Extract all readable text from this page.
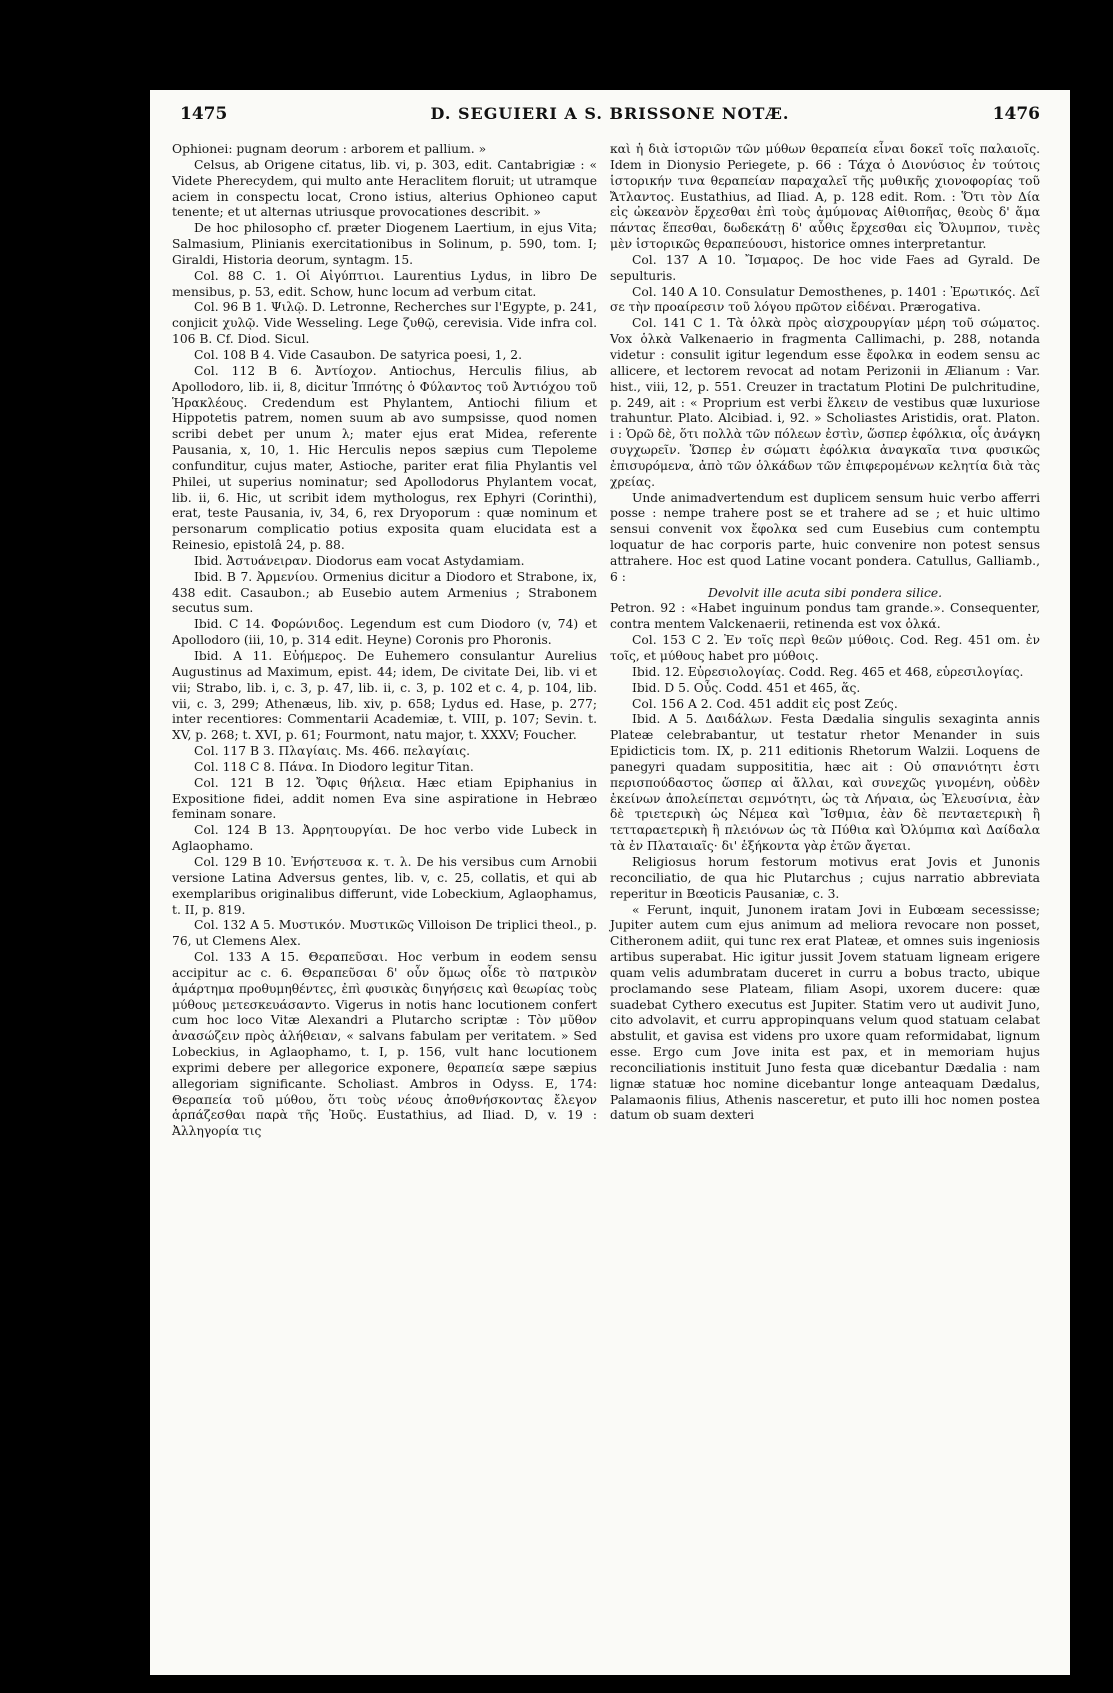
1475	D. SEGUIERI A S. BRISSONE NOTÆ.	1476

Ophionei: pugnam deorum : arborem et pallium. »

Celsus, ab Origene citatus, lib. vi, p. 303, edit. Cantabrigiæ : « Videte Pherecydem, qui multo ante Heraclitem floruit; ut utramque aciem in conspectu locat, Crono istius, alterius Ophioneo caput tenente; et ut alternas utriusque provocationes describit. »

De hoc philosopho cf. præter Diogenem Laertium, in ejus Vita; Salmasium, Plinianis exercitationibus in Solinum, p. 590, tom. I; Giraldi, Historia deorum, syntagm. 15.

Col. 88 C. 1. Οἱ Αἰγύπτιοι. Laurentius Lydus, in libro De mensibus, p. 53, edit. Schow, hunc locum ad verbum citat.

Col. 96 B 1. Ψιλῷ. D. Letronne, Recherches sur l'Egypte, p. 241, conjicit χυλῷ. Vide Wesseling. Lege ζυθῷ, cerevisia. Vide infra col. 106 B. Cf. Diod. Sicul.

Col. 108 B 4. Vide Casaubon. De satyrica poesi, 1, 2.

Col. 112 B 6. Ἀντίοχον. Antiochus, Herculis filius, ab Apollodoro, lib. ii, 8, dicitur Ἱππότης ὁ Φύλαντος τοῦ Ἀντιόχου τοῦ Ἡρακλέους. Credendum est Phylantem, Antiochi filium et Hippotetis patrem, nomen suum ab avo sumpsisse, quod nomen scribi debet per unum λ; mater ejus erat Midea, referente Pausania, x, 10, 1. Hic Herculis nepos sæpius cum Tlepoleme confunditur, cujus mater, Astioche, pariter erat filia Phylantis vel Philei, ut superius nominatur; sed Apollodorus Phylantem vocat, lib. ii, 6. Hic, ut scribit idem mythologus, rex Ephyri (Corinthi), erat, teste Pausania, iv, 34, 6, rex Dryoporum : quæ nominum et personarum complicatio potius exposita quam elucidata est a Reinesio, epistolâ 24, p. 88.

Ibid. Ἀστυάνειραν. Diodorus eam vocat Astydamiam.

Ibid. B 7. Ἀρμενίου. Ormenius dicitur a Diodoro et Strabone, ix, 438 edit. Casaubon.; ab Eusebio autem Armenius ; Strabonem secutus sum.

Ibid. C 14. Φορώνιδος. Legendum est cum Diodoro (v, 74) et Apollodoro (iii, 10, p. 314 edit. Heyne) Coronis pro Phoronis.

Ibid. A 11. Εὐήμερος. De Euhemero consulantur Aurelius Augustinus ad Maximum, epist. 44; idem, De civitate Dei, lib. vi et vii; Strabo, lib. i, c. 3, p. 47, lib. ii, c. 3, p. 102 et c. 4, p. 104, lib. vii, c. 3, 299; Athenæus, lib. xiv, p. 658; Lydus ed. Hase, p. 277; inter recentiores: Commentarii Academiæ, t. VIII, p. 107; Sevin. t. XV, p. 268; t. XVI, p. 61; Fourmont, natu major, t. XXXV; Foucher.

Col. 117 B 3. Πλαγίαις. Ms. 466. πελαγίαις.

Col. 118 C 8. Πάνα. In Diodoro legitur Titan.

Col. 121 B 12. Ὄφις θήλεια. Hæc etiam Epiphanius in Expositione fidei, addit nomen Eva sine aspiratione in Hebræo feminam sonare.

Col. 124 B 13. Ἀρρητουργίαι. De hoc verbo vide Lubeck in Aglaophamo.

Col. 129 B 10. Ἐνήστευσα κ. τ. λ. De his versibus cum Arnobii versione Latina Adversus gentes, lib. v, c. 25, collatis, et qui ab exemplaribus originalibus differunt, vide Lobeckium, Aglaophamus, t. II, p. 819.

Col. 132 A 5. Μυστικόν. Μυστικῶς Villoison De triplici theol., p. 76, ut Clemens Alex.

Col. 133 A 15. Θεραπεῦσαι. Hoc verbum in eodem sensu accipitur ac c. 6. Θεραπεῦσαι δ' οὖν ὅμως οἶδε τὸ πατρικὸν ἁμάρτημα προθυμηθέντες, ἐπὶ φυσικὰς διηγήσεις καὶ θεωρίας τοὺς μύθους μετεσκευάσαντο. Vigerus in notis hanc locutionem confert cum hoc loco Vitæ Alexandri a Plutarcho scriptæ : Τὸν μῦθον ἀνασώζειν πρὸς ἀλήθειαν, « salvans fabulam per veritatem. » Sed Lobeckius, in Aglaophamo, t. I, p. 156, vult hanc locutionem exprimi debere per allegorice exponere, θεραπεία sæpe sæpius allegoriam significante. Scholiast. Ambros in Odyss. E, 174: Θεραπεία τοῦ μύθου, ὅτι τοὺς νέους ἀποθνήσκοντας ἔλεγον ἁρπάζεσθαι παρὰ τῆς Ἠοῦς. Eustathius, ad Iliad. D, v. 19 : Ἀλληγορία τις

καὶ ἡ διὰ ἱστοριῶν τῶν μύθων θεραπεία εἶναι δοκεῖ τοῖς παλαιοῖς. Idem in Dionysio Periegete, p. 66 : Τάχα ὁ Διονύσιος ἐν τούτοις ἱστορικήν τινα θεραπείαν παραχαλεῖ τῆς μυθικῆς χιονοφορίας τοῦ Ἄτλαντος. Eustathius, ad Iliad. A, p. 128 edit. Rom. : Ὅτι τὸν Δία εἰς ὠκεανὸν ἔρχεσθαι ἐπὶ τοὺς ἀμύμονας Αἰθιοπῆας, θεοὺς δ' ἅμα πάντας ἕπεσθαι, δωδεκάτῃ δ' αὖθις ἔρχεσθαι εἰς Ὄλυμπον, τινὲς μὲν ἱστορικῶς θεραπεύουσι, historice omnes interpretantur.

Col. 137 A 10. Ἴσμαρος. De hoc vide Faes ad Gyrald. De sepulturis.

Col. 140 A 10. Consulatur Demosthenes, p. 1401 : Ἐρωτικός. Δεῖ σε τὴν προαίρεσιν τοῦ λόγου πρῶτον εἰδέναι. Prærogativa.

Col. 141 C 1. Τὰ ὁλκὰ πρὸς αἰσχρουργίαν μέρη τοῦ σώματος. Vox ὁλκὰ Valkenaerio in fragmenta Callimachi, p. 288, notanda videtur : consulit igitur legendum esse ἔφολκα in eodem sensu ac allicere, et lectorem revocat ad notam Perizonii in Ælianum : Var. hist., viii, 12, p. 551. Creuzer in tractatum Plotini De pulchritudine, p. 249, ait : « Proprium est verbi ἕλκειν de vestibus quæ luxuriose trahuntur. Plato. Alcibiad. i, 92. » Scholiastes Aristidis, orat. Platon. i : Ὁρῶ δὲ, ὅτι πολλὰ τῶν πόλεων ἐστὶν, ὥσπερ ἐφόλκια, οἷς ἀνάγκη συγχωρεῖν. Ὥσπερ ἐν σώματι ἐφόλκια ἀναγκαῖα τινα φυσικῶς ἐπισυρόμενα, ἀπὸ τῶν ὁλκάδων τῶν ἐπιφερομένων κελητία διὰ τὰς χρείας.

Unde animadvertendum est duplicem sensum huic verbo afferri posse : nempe trahere post se et trahere ad se ; et huic ultimo sensui convenit vox ἔφολκα sed cum Eusebius cum contemptu loquatur de hac corporis parte, huic convenire non potest sensus attrahere. Hoc est quod Latine vocant pondera. Catullus, Galliamb., 6 :

Devolvit ille acuta sibi pondera silice.

Petron. 92 : «Habet inguinum pondus tam grande.». Consequenter, contra mentem Valckenaerii, retinenda est vox ὁλκά.

Col. 153 C 2. Ἐν τοῖς περὶ θεῶν μύθοις. Cod. Reg. 451 om. ἐν τοῖς, et μύθους habet pro μύθοις.

Ibid. 12. Εὐρεσιολογίας. Codd. Reg. 465 et 468, εὑρεσιλογίας.

Ibid. D 5. Οὖς. Codd. 451 et 465, ἅς.

Col. 156 A 2. Cod. 451 addit εἰς post Ζεύς.

Ibid. A 5. Δαιδάλων. Festa Dædalia singulis sexaginta annis Plateæ celebrabantur, ut testatur rhetor Menander in suis Epidicticis tom. IX, p. 211 editionis Rhetorum Walzii. Loquens de panegyri quadam supposititia, hæc ait : Οὐ σπανιότητι ἐστι περισπούδαστος ὥσπερ αἱ ἄλλαι, καὶ συνεχῶς γινομένη, οὐδὲν ἐκείνων ἀπολείπεται σεμνότητι, ὡς τὰ Λήναια, ὡς Ἐλευσίνια, ἐὰν δὲ τριετερικὴ ὡς Νέμεα καὶ Ἴσθμια, ἐὰν δὲ πενταετερικὴ ἢ τετταραετερικὴ ἢ πλειόνων ὡς τὰ Πύθια καὶ Ὀλύμπια καὶ Δαίδαλα τὰ ἐν Πλαταιαῖς· δι' ἑξήκοντα γὰρ ἐτῶν ἄγεται.

Religiosus horum festorum motivus erat Jovis et Junonis reconciliatio, de qua hic Plutarchus ; cujus narratio abbreviata reperitur in Bœoticis Pausaniæ, c. 3.

« Ferunt, inquit, Junonem iratam Jovi in Eubœam secessisse; Jupiter autem cum ejus animum ad meliora revocare non posset, Citheronem adiit, qui tunc rex erat Plateæ, et omnes suis ingeniosis artibus superabat. Hic igitur jussit Jovem statuam ligneam erigere quam velis adumbratam duceret in curru a bobus tracto, ubique proclamando sese Plateam, filiam Asopi, uxorem ducere: quæ suadebat Cythero executus est Jupiter. Statim vero ut audivit Juno, cito advolavit, et curru appropinquans velum quod statuam celabat abstulit, et gavisa est videns pro uxore quam reformidabat, lignum esse. Ergo cum Jove inita est pax, et in memoriam hujus reconciliationis instituit Juno festa quæ dicebantur Dædalia : nam lignæ statuæ hoc nomine dicebantur longe anteaquam Dædalus, Palamaonis filius, Athenis nasceretur, et puto illi hoc nomen postea datum ob suam dexteri
